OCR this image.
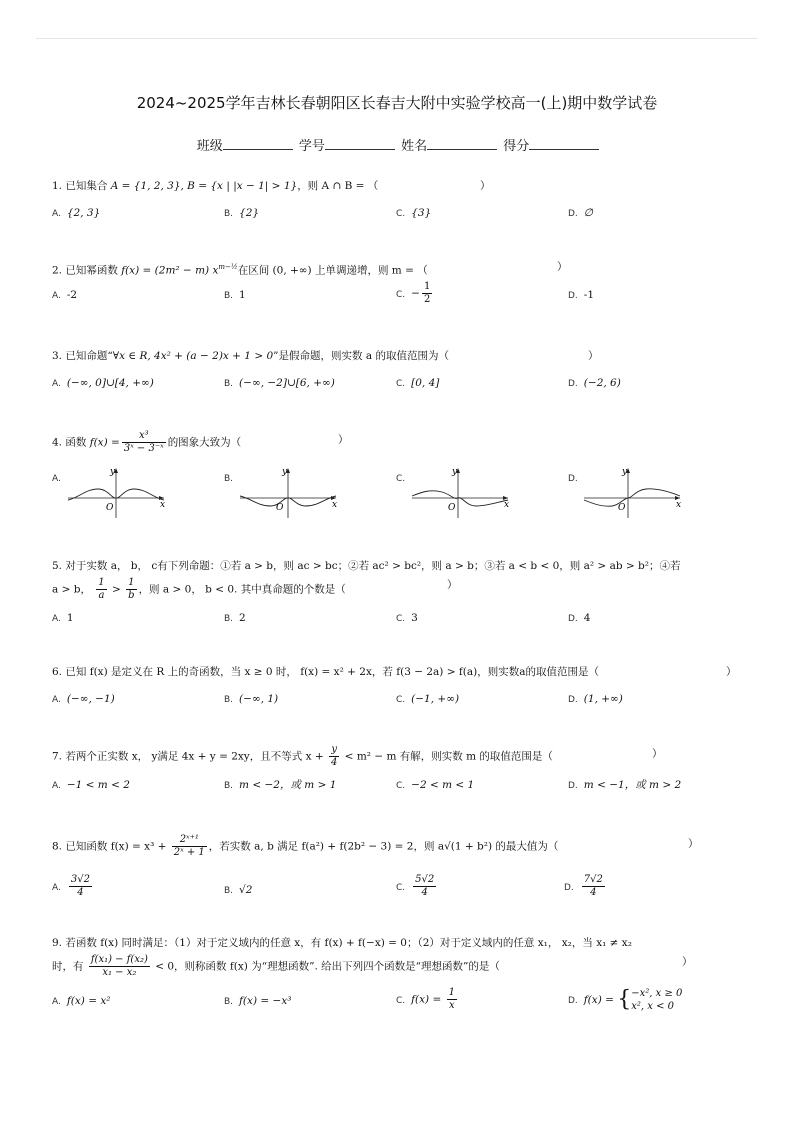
2024~2025学年吉林长春朝阳区长春吉大附中实验学校高一(上)期中数学试卷
班级	学号	姓名	得分
1. 已知集合 A = {1, 2, 3}, B = {x | |x − 1| > 1}，则 A ∩ B = （	）
A. {2, 3}	B. {2}	C. {3}	D. ∅
2. 已知幂函数 f(x) = (2m² − m) $x^{m-\frac{1}{2}}$在区间 (0, +∞) 上单调递增，则 m = （	）
A. -2	B. 1	C. − $\frac{1}{2}$	D. -1
3. 已知命题“∀x ∈ R, 4x² + (a − 2)x + 1 > 0”是假命题，则实数 a 的取值范围为（	）
A. (−∞, 0]∪[4, +∞)	B. (−∞, −2]∪[6, +∞)	C. [0, 4]	D. (−2, 6)
4. 函数 $f(x) = \frac{\text{x³}}{\text{3ˣ − 3⁻ˣ}}$ 的图象大致为（	）
A.	B.	C.	D.
O
y
x	O
y
x	O
y
x	O
y
x
5. 对于实数 a， b， c有下列命题：①若 a > b，则 ac > bc；②若 ac² > bc²，则 a > b；③若 a < b < 0，则 a² > ab > b²；④若
a > b， $\frac{1}{a} > \frac{1}{b}$ ，则 a > 0， b < 0. 其中真命题的个数是（	）
A. 1	B. 2	C. 3	D. 4
6. 已知 f(x) 是定义在 R 上的奇函数，当 x ≥ 0 时， f(x) = x² + 2x，若 f(3 − 2a) > f(a)，则实数a的取值范围是（	）
A. (−∞, −1)	B. (−∞, 1)	C. (−1, +∞)	D. (1, +∞)
7. 若两个正实数 x， y满足 4x + y = 2xy，且不等式 $x + \frac{y}{4} < m^2 - m$ 有解，则实数 m 的取值范围是（	）
A. −1 < m < 2	B. m < −2，或 m > 1	C. −2 < m < 1	D. m < −1，或 m > 2
8. 已知函数 $f(x) = x^3 + \frac{\text{2ˣ⁺¹}}{\text{2ˣ + 1}}$ ，若实数 a, b 满足 f(a²) + f(2b² − 3) = 2，则 a√(1 + b²) 的最大值为（	）
A. $\frac{3√2}{4}$	B. √2	C. $\frac{5√2}{4}$	D. $\frac{7√2}{4}$
9. 若函数 f(x) 同时满足：（1）对于定义域内的任意 x，有 f(x) + f(−x) = 0；（2）对于定义域内的任意 x₁， x₂，当 x₁ ≠ x₂
时，有 $\frac{\text{f(x₁) − f(x₂)}}{\text{x₁ − x₂}} < 0$，则称函数 f(x) 为“理想函数”. 给出下列四个函数是“理想函数”的是（	）
A. f(x) = x²	B. f(x) = −x³	C. $f(x) = \frac{1}{x}$	D. f(x) = { −x², x ≥ 0
x², x < 0
